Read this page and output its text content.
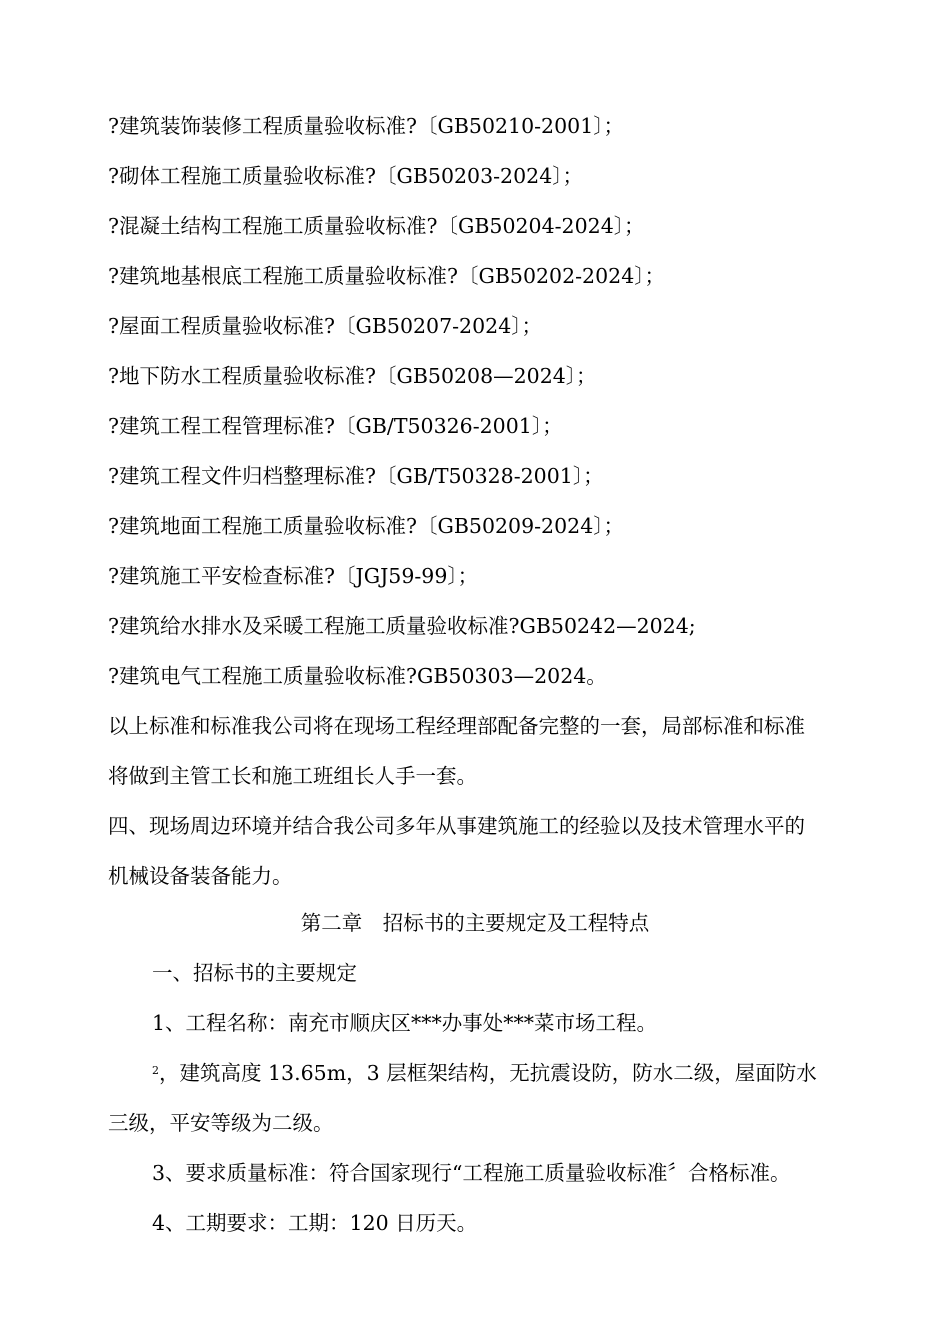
?建筑装饰装修工程质量验收标准?〔GB50210-2001〕；
?砌体工程施工质量验收标准?〔GB50203-2024〕；
?混凝土结构工程施工质量验收标准?〔GB50204-2024〕；
?建筑地基根底工程施工质量验收标准?〔GB50202-2024〕；
?屋面工程质量验收标准?〔GB50207-2024〕；
?地下防水工程质量验收标准?〔GB50208—2024〕；
?建筑工程工程管理标准?〔GB/T50326-2001〕；
?建筑工程文件归档整理标准?〔GB/T50328-2001〕；
?建筑地面工程施工质量验收标准?〔GB50209-2024〕；
?建筑施工平安检查标准?〔JGJ59-99〕；
?建筑给水排水及采暖工程施工质量验收标准?GB50242—2024;
?建筑电气工程施工质量验收标准?GB50303—2024。
以上标准和标准我公司将在现场工程经理部配备完整的一套，局部标准和标准
将做到主管工长和施工班组长人手一套。
四、现场周边环境并结合我公司多年从事建筑施工的经验以及技术管理水平的
机械设备装备能力。
第二章　招标书的主要规定及工程特点
一、招标书的主要规定
1、工程名称：南充市顺庆区***办事处***菜市场工程。
$^2$，建筑高度 13.65m，3 层框架结构，无抗震设防，防水二级，屋面防水
三级，平安等级为二级。
3、要求质量标准：符合国家现行“工程施工质量验收标准〞合格标准。
4、工期要求：工期：120 日历天。
